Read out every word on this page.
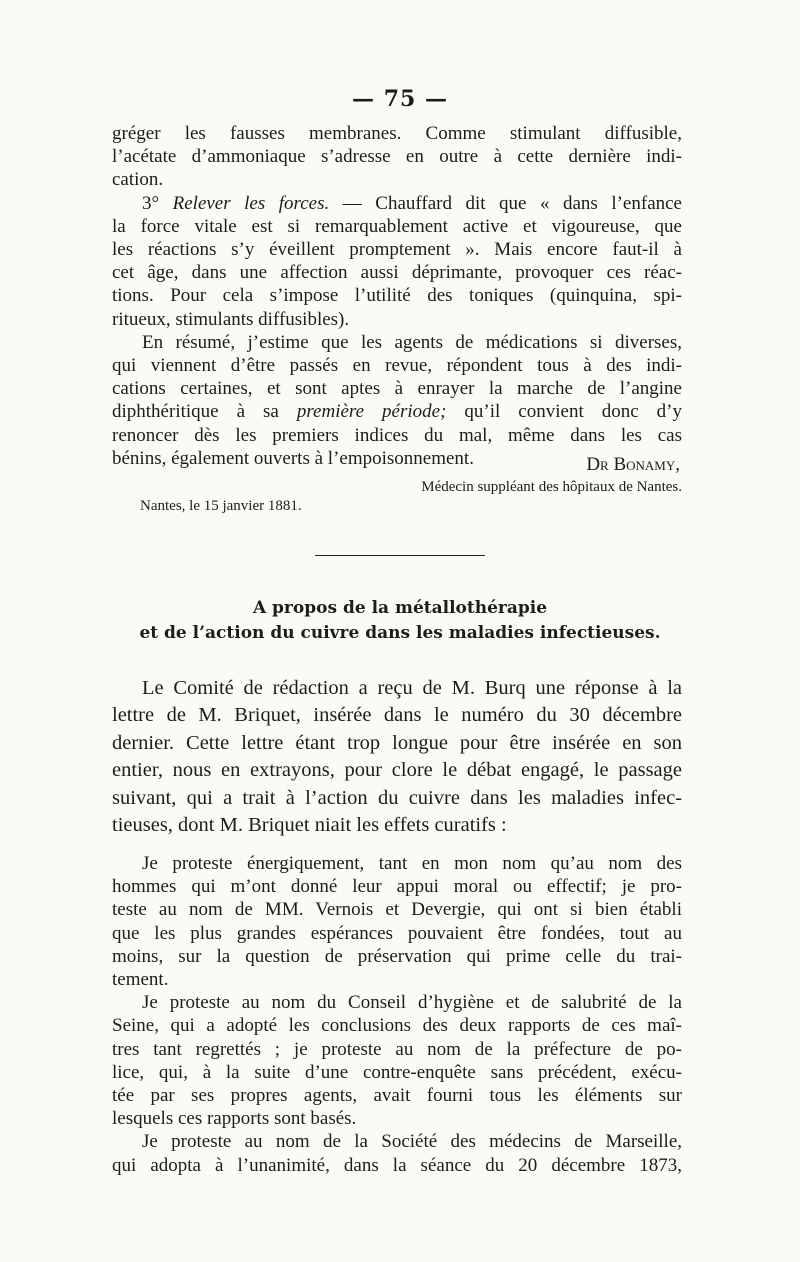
— 75 —
gréger les fausses membranes. Comme stimulant diffusible,
l’acétate d’ammoniaque s’adresse en outre à cette dernière indi-
cation.
3° Relever les forces. — Chauffard dit que « dans l’enfance
la force vitale est si remarquablement active et vigoureuse, que
les réactions s’y éveillent promptement ». Mais encore faut-il à
cet âge, dans une affection aussi déprimante, provoquer ces réac-
tions. Pour cela s’impose l’utilité des toniques (quinquina, spi-
ritueux, stimulants diffusibles).
En résumé, j’estime que les agents de médications si diverses,
qui viennent d’être passés en revue, répondent tous à des indi-
cations certaines, et sont aptes à enrayer la marche de l’angine
diphthéritique à sa première période; qu’il convient donc d’y
renoncer dès les premiers indices du mal, même dans les cas
bénins, également ouverts à l’empoisonnement.	Dr Bonamy,
Médecin suppléant des hôpitaux de Nantes.
Nantes, le 15 janvier 1881.
A propos de la métallothérapie
et de l’action du cuivre dans les maladies infectieuses.
Le Comité de rédaction a reçu de M. Burq une réponse à la
lettre de M. Briquet, insérée dans le numéro du 30 décembre
dernier. Cette lettre étant trop longue pour être insérée en son
entier, nous en extrayons, pour clore le débat engagé, le passage
suivant, qui a trait à l’action du cuivre dans les maladies infec-
tieuses, dont M. Briquet niait les effets curatifs :
Je proteste énergiquement, tant en mon nom qu’au nom des
hommes qui m’ont donné leur appui moral ou effectif; je pro-
teste au nom de MM. Vernois et Devergie, qui ont si bien établi
que les plus grandes espérances pouvaient être fondées, tout au
moins, sur la question de préservation qui prime celle du trai-
tement.
Je proteste au nom du Conseil d’hygiène et de salubrité de la
Seine, qui a adopté les conclusions des deux rapports de ces maî-
tres tant regrettés ; je proteste au nom de la préfecture de po-
lice, qui, à la suite d’une contre-enquête sans précédent, exécu-
tée par ses propres agents, avait fourni tous les éléments sur
lesquels ces rapports sont basés.
Je proteste au nom de la Société des médecins de Marseille,
qui adopta à l’unanimité, dans la séance du 20 décembre 1873,
